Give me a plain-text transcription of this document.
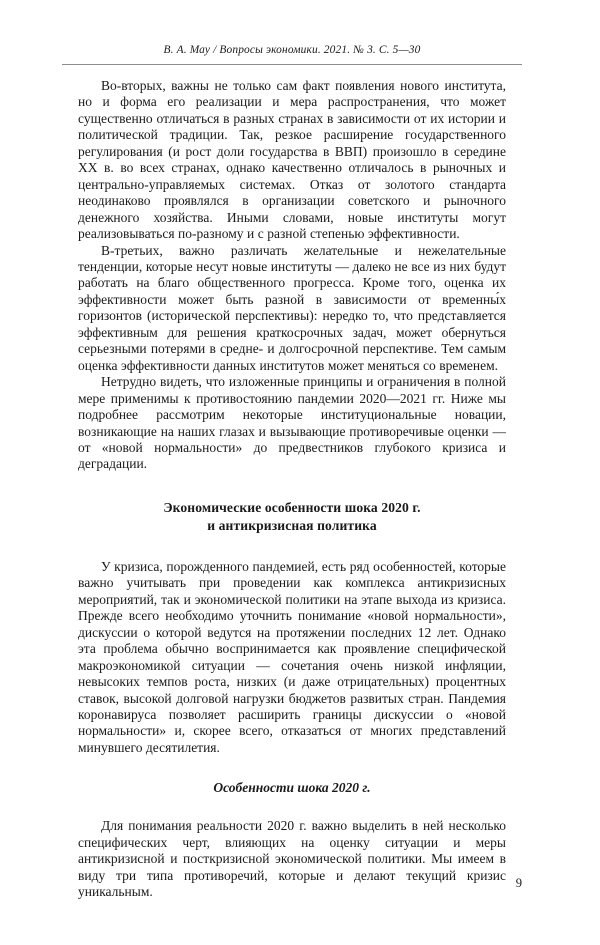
В. А. Мау / Вопросы экономики. 2021. № 3. С. 5—30

Во-вторых, важны не только сам факт появления нового института, но и форма его реализации и мера распространения, что может существенно отличаться в разных странах в зависимости от их истории и политической традиции. Так, резкое расширение государственного регулирования (и рост доли государства в ВВП) произошло в середине XX в. во всех странах, однако качественно отличалось в рыночных и центрально-управляемых системах. Отказ от золотого стандарта неодинаково проявлялся в организации советского и рыночного денежного хозяйства. Иными словами, новые институты могут реализовываться по-разному и с разной степенью эффективности.

В-третьих, важно различать желательные и нежелательные тенденции, которые несут новые институты — далеко не все из них будут работать на благо общественного прогресса. Кроме того, оценка их эффективности может быть разной в зависимости от временны́х горизонтов (исторической перспективы): нередко то, что представляется эффективным для решения краткосрочных задач, может обернуться серьезными потерями в средне- и долгосрочной перспективе. Тем самым оценка эффективности данных институтов может меняться со временем.

Нетрудно видеть, что изложенные принципы и ограничения в полной мере применимы к противостоянию пандемии 2020—2021 гг. Ниже мы подробнее рассмотрим некоторые институциональные новации, возникающие на наших глазах и вызывающие противоречивые оценки — от «новой нормальности» до предвестников глубокого кризиса и деградации.

Экономические особенности шока 2020 г.
и антикризисная политика

У кризиса, порожденного пандемией, есть ряд особенностей, которые важно учитывать при проведении как комплекса антикризисных мероприятий, так и экономической политики на этапе выхода из кризиса. Прежде всего необходимо уточнить понимание «новой нормальности», дискуссии о которой ведутся на протяжении последних 12 лет. Однако эта проблема обычно воспринимается как проявление специфической макроэкономикой ситуации — сочетания очень низкой инфляции, невысоких темпов роста, низких (и даже отрицательных) процентных ставок, высокой долговой нагрузки бюджетов развитых стран. Пандемия коронавируса позволяет расширить границы дискуссии о «новой нормальности» и, скорее всего, отказаться от многих представлений минувшего десятилетия.

Особенности шока 2020 г.

Для понимания реальности 2020 г. важно выделить в ней несколько специфических черт, влияющих на оценку ситуации и меры антикризисной и посткризисной экономической политики. Мы имеем в виду три типа противоречий, которые и делают текущий кризис уникальным.

9
